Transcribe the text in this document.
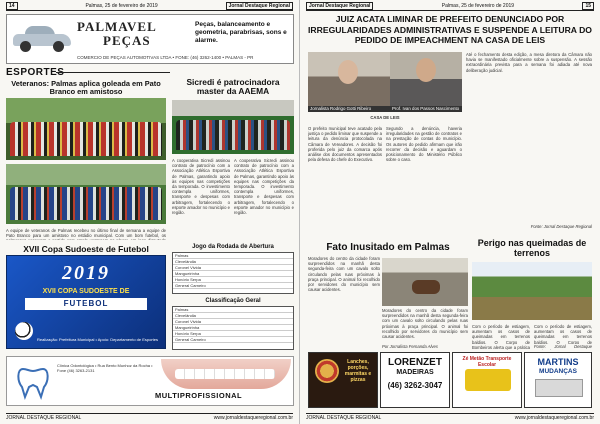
14	Palmas, 25 de fevereiro de 2019	Jornal Destaque Regional
PALMAVEL
PEÇAS
Peças, balanceamento e geometria, parabrisas, sons e alarme.
COMERCIO DE PEÇAS AUTOMOTIVAS LTDA • FONE: (46) 3262-1400 • PALMAS - PR
ESPORTES
Veteranos: Palmas aplica goleada em Pato Branco em amistoso
A equipe de veteranos de Palmas recebeu no último final de semana a equipe de Pato Branco para um amistoso no estádio municipal. Com um bom futebol, os
Sicredi é patrocinadora master da AAEMA
A cooperativa Sicredi assinou contrato de patrocínio com a Associação Atlética Esportiva de Palmas, garantindo apoio às equipes nas competições da temporada. O investimento contempla uniformes, transporte e despesas com arbitragem, fortalecendo o esporte amador no município e região.
A cooperativa Sicredi assinou contrato de patrocínio com a Associação Atlética Esportiva de Palmas, garantindo apoio às equipes nas competições da temporada. O investimento contempla uniformes, transporte e despesas com arbitragem, fortalecendo o esporte amador no município e região.
XVII Copa Sudoeste de Futebol
2019
XVII COPA SUDOESTE DE
FUTEBOL
Realização: Prefeitura Municipal • Apoio: Departamento de Esportes
Jogo da Rodada de Abertura
Palmas
Clevelândia
Coronel Vivida
Mangueirinha
Honório Serpa
General Carneiro
Classificação Geral
Palmas
Clevelândia
Coronel Vivida
Mangueirinha
Honório Serpa
General Carneiro
Clínica Odontológica • Rua Bento Munhoz da Rocha • Fone (46) 3263-2131
MULTIPROFISSIONAL
JORNAL DESTAQUE REGIONAL	www.jornaldestaqueregional.com.br
Jornal Destaque Regional	Palmas, 25 de fevereiro de 2019	15
JUIZ ACATA LIMINAR DE PREFEITO DENUNCIADO POR IRREGULARIDADES ADMINISTRATIVAS E SUSPENDE A LEITURA DO PEDIDO DE IMPEACHMENT NA CASA DE LEIS
Jornalista Rodrigo Gotti Ribeiro	Prof. Ivan dos Passos Nascimento
CASA DE LEIS
O prefeito municipal teve acatado pela justiça o pedido liminar que suspende a leitura da denúncia protocolada na Câmara de Vereadores. A decisão foi proferida pelo juiz da comarca após análise dos documentos apresentados pela defesa do chefe do Executivo.
Segundo a denúncia, haveria irregularidades na gestão de contratos e na prestação de contas do município. Os autores do pedido afirmam que irão recorrer da decisão e aguardam o posicionamento do Ministério Público sobre o caso.
Até o fechamento desta edição, a mesa diretora da Câmara não havia se manifestado oficialmente sobre a suspensão. A sessão extraordinária prevista para a semana foi adiada até nova deliberação judicial.
Fonte: Jornal Destaque Regional
Fato Inusitado em Palmas
Moradores do centro da cidade foram surpreendidos na manhã desta segunda-feira com um cavalo solto circulando pelas ruas próximas à praça principal. O animal foi recolhido por servidores do município sem causar acidentes.
Moradores do centro da cidade foram surpreendidos na manhã desta segunda-feira com um cavalo solto circulando pelas ruas próximas à praça principal. O animal foi recolhido por servidores do município sem causar acidentes.
Por Jornalista Fernanda Alves
Perigo nas queimadas de terrenos
Com o período de estiagem, aumentam os casos de queimadas em terrenos baldios. O Corpo de Bombeiros alerta que a prática
Com o período de estiagem, aumentam os casos de queimadas em terrenos baldios. O Corpo de
Fonte: Jornal Destaque
Lanches, porções, marmitas e pizzas
LORENZET
MADEIRAS
(46) 3262-3047
Zé Metão Transporte Escolar	MARTINS
MUDANÇAS
JORNAL DESTAQUE REGIONAL	www.jornaldestaqueregional.com.br
